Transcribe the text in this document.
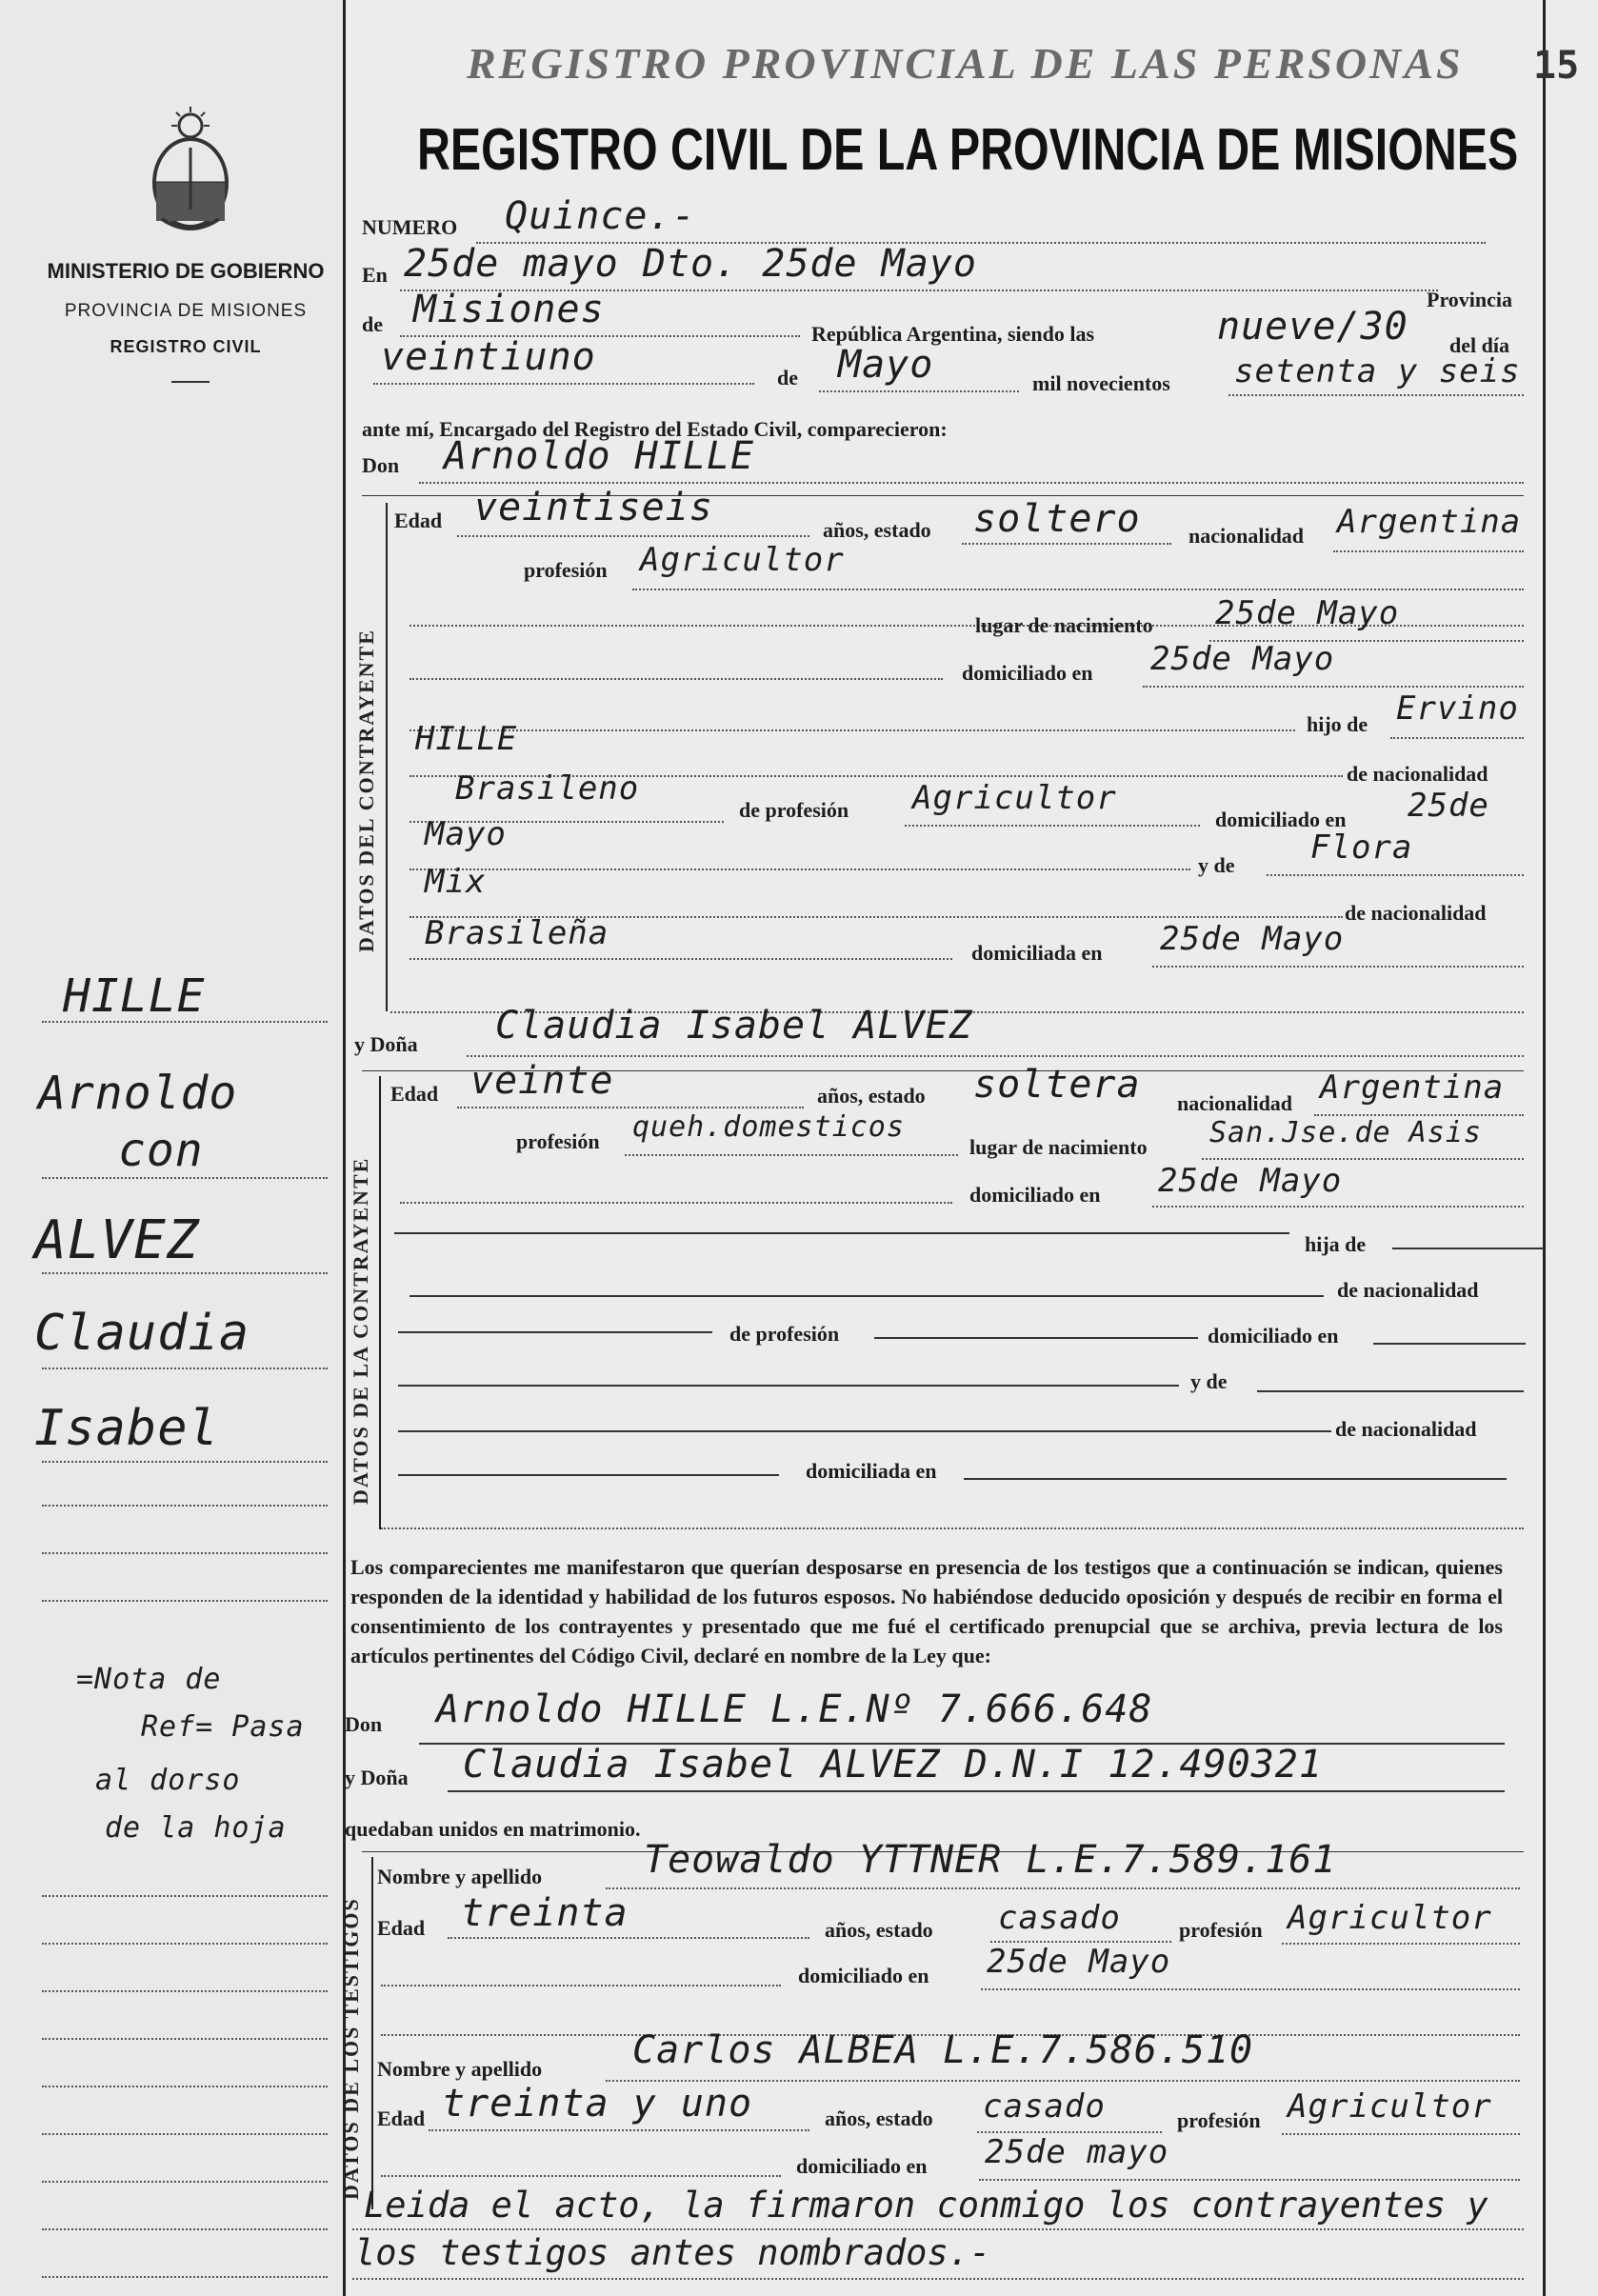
MINISTERIO DE GOBIERNO
PROVINCIA DE MISIONES
REGISTRO CIVIL
REGISTRO PROVINCIAL DE LAS PERSONAS
REGISTRO CIVIL DE LA PROVINCIA DE MISIONES
15
HILLE
Arnoldo
con
ALVEZ
Claudia
Isabel
=Nota de
Ref= Pasa
al dorso
de la hoja
NUMERO Quince.-
En 25de mayo Dto. 25de Mayo
Provincia
de Misiones
República Argentina, siendo las	nueve/30 del día
veintiuno	de Mayo	mil novecientos setenta y seis
ante mí, Encargado del Registro del Estado Civil, comparecieron:
Don Arnoldo HILLE
DATOS DEL CONTRAYENTE
Edad veintiseis
años, estado soltero nacionalidad Argentina
profesión Agricultor
lugar de nacimiento 25de Mayo
domiciliado en 25de Mayo
hijo de Ervino
HILLE
de nacionalidad
Brasileno
de profesión Agricultor
domiciliado en 25de
Mayo
y de Flora
Mix
de nacionalidad
Brasileña
domiciliada en 25de Mayo
y Doña Claudia Isabel ALVEZ
DATOS DE LA CONTRAYENTE
Edad veinte	años, estado soltera nacionalidad Argentina
profesión queh.domesticos
lugar de nacimiento San.Jse.de Asis
domiciliado en 25de Mayo
hija de
de nacionalidad
de profesión	domiciliado en
y de
de nacionalidad
domiciliada en
Los comparecientes me manifestaron que querían desposarse en presencia de los testigos que a continuación se indican, quienes responden de la identidad y habilidad de los futuros esposos. No habiéndose deducido oposición y después de recibir en forma el consentimiento de los contrayentes y presentado que me fué el certificado prenupcial que se archiva, previa lectura de los artículos pertinentes del Código Civil, declaré en nombre de la Ley que:
Don Arnoldo HILLE L.E.Nº 7.666.648
y Doña Claudia Isabel ALVEZ D.N.I 12.490321
quedaban unidos en matrimonio.
DATOS DE LOS TESTIGOS
Nombre y apellido	Teowaldo YTTNER L.E.7.589.161
Edad treinta	años, estado casado	profesión Agricultor
domiciliado en 25de Mayo
Nombre y apellido Carlos ALBEA L.E.7.586.510
Edad treinta y uno	años, estado casado	profesión Agricultor
domiciliado en 25de mayo
Leida el acto, la firmaron conmigo los contrayentes y
los testigos antes nombrados.-
